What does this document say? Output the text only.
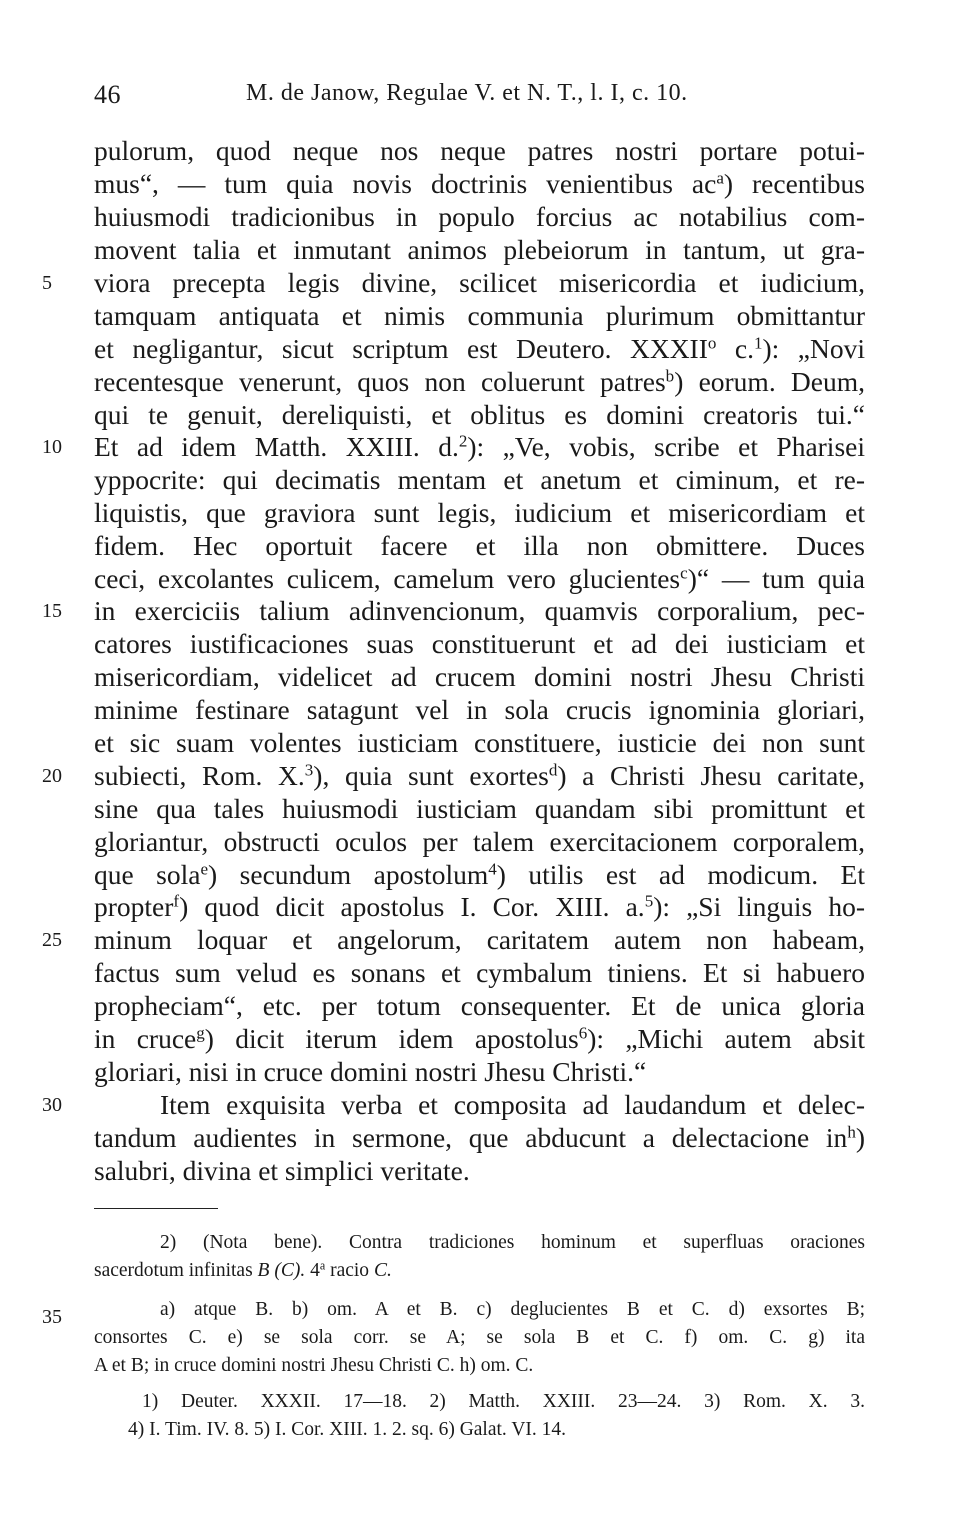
46	M. de Janow, Regulae V. et N. T., l. I, c. 10.
5
10
15
20
25
30
35
pulorum, quod neque nos neque patres nostri portare potui-
mus“, — tum quia novis doctrinis venientibus $ac^a$) recentibus
huiusmodi tradicionibus in populo forcius ac notabilius com-
movent talia et inmutant animos plebeiorum in tantum, ut gra-
viora precepta legis divine, scilicet misericordia et iudicium,
tamquam antiquata et nimis communia plurimum obmittantur
et negligantur, sicut scriptum est Deutero. XXXII$^o$ c.$^1$): „Novi
recentesque venerunt, quos non coluerunt patres$^b$) eorum. Deum,
qui te genuit, dereliquisti, et oblitus es domini creatoris tui.“
Et ad idem Matth. XXIII. d.$^2$): „Ve, vobis, scribe et Pharisei
yppocrite: qui decimatis mentam et anetum et ciminum, et re-
liquistis, que graviora sunt legis, iudicium et misericordiam et
fidem. Hec oportuit facere et illa non obmittere. Duces
ceci, excolantes culicem, camelum vero glucientes$^c$)“ — tum quia
in exerciciis talium adinvencionum, quamvis corporalium, pec-
catores iustificaciones suas constituerunt et ad dei iusticiam et
misericordiam, videlicet ad crucem domini nostri Jhesu Christi
minime festinare satagunt vel in sola crucis ignominia gloriari,
et sic suam volentes iusticiam constituere, iusticie dei non sunt
subiecti, Rom. X.$^3$), quia sunt exortes$^d$) a Christi Jhesu caritate,
sine qua tales huiusmodi iusticiam quandam sibi promittunt et
gloriantur, obstructi oculos per talem exercitacionem corporalem,
que sola$^e$) secundum apostolum$^4$) utilis est ad modicum. Et
propter$^f$) quod dicit apostolus I. Cor. XIII. a.$^5$): „Si linguis ho-
minum loquar et angelorum, caritatem autem non habeam,
factus sum velud es sonans et cymbalum tiniens. Et si habuero
propheciam“, etc. per totum consequenter. Et de unica gloria
in cruce$^g$) dicit iterum idem apostolus$^6$): „Michi autem absit
gloriari, nisi in cruce domini nostri Jhesu Christi.“
Item exquisita verba et composita ad laudandum et delec-
tandum audientes in sermone, que abducunt a delectacione $in^h$)
salubri, divina et simplici veritate.
2) (Nota bene). Contra tradiciones hominum et superfluas oraciones
sacerdotum infinitas B (C). 4$^a$ racio C.
a) atque B. b) om. A et B. c) deglucientes B et C. d) exsortes B;
consortes C. e) se sola corr. se A; se sola B et C. f) om. C. g) ita
A et B; in cruce domini nostri Jhesu Christi C. h) om. C.
1) Deuter. XXXII. 17—18. 2) Matth. XXIII. 23—24. 3) Rom. X. 3.
4) I. Tim. IV. 8. 5) I. Cor. XIII. 1. 2. sq. 6) Galat. VI. 14.
